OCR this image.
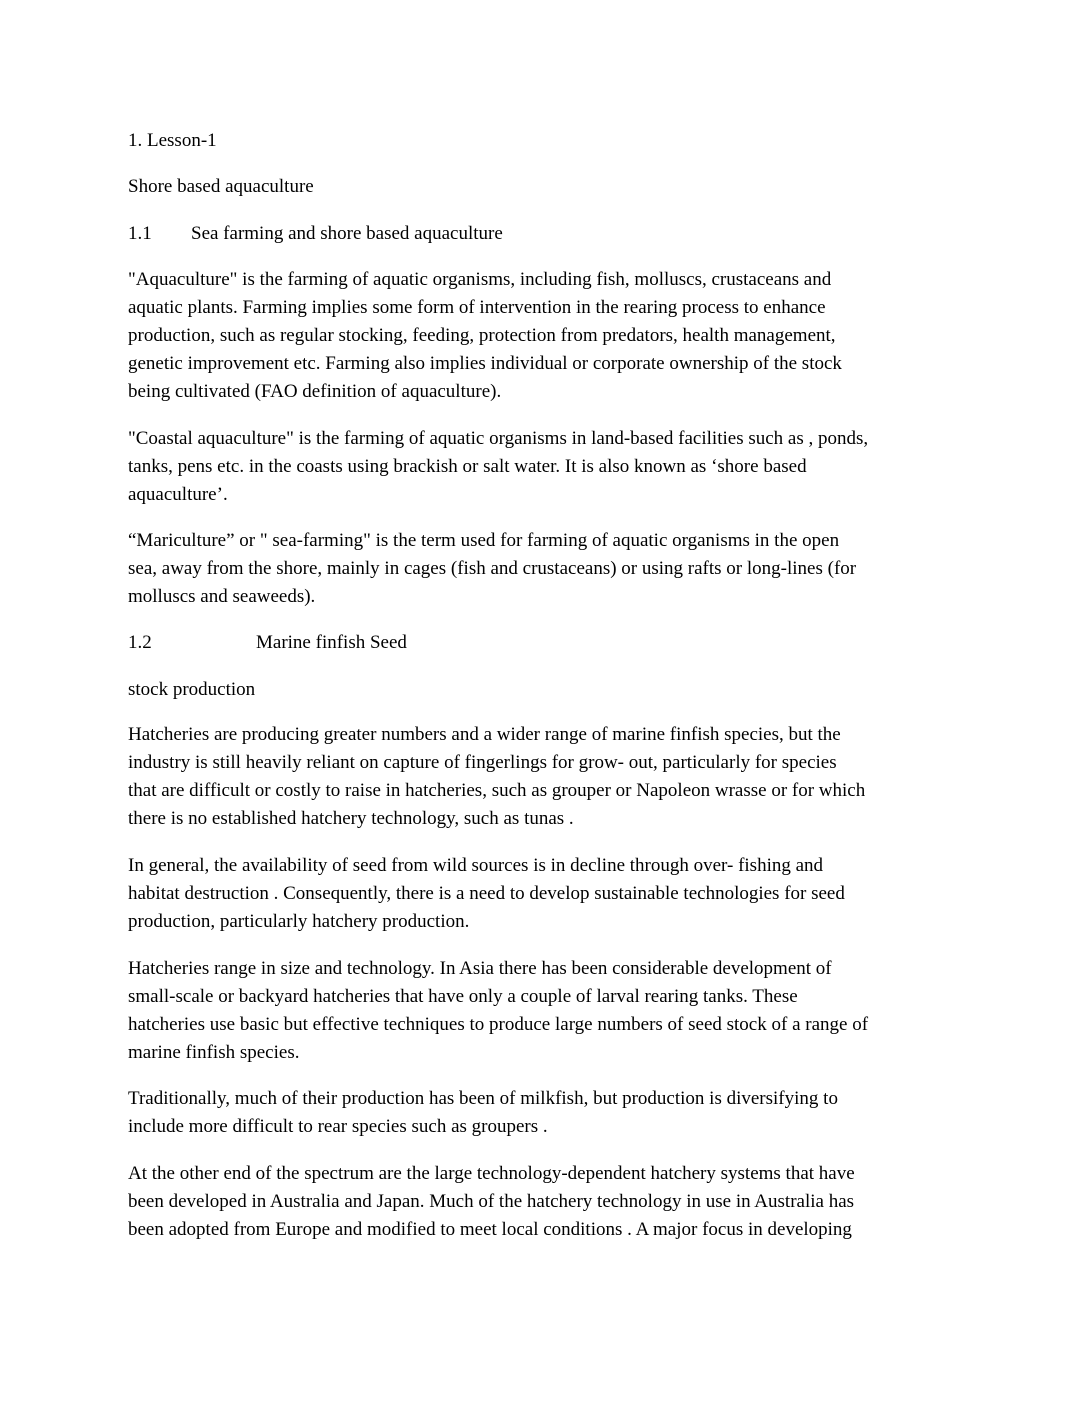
1. Lesson-1

Shore based aquaculture

1.1 Sea farming and shore based aquaculture

"Aquaculture" is the farming of aquatic organisms, including fish, molluscs, crustaceans and
aquatic plants. Farming implies some form of intervention in the rearing process to enhance
production, such as regular stocking, feeding, protection from predators, health management,
genetic improvement etc. Farming also implies individual or corporate ownership of the stock
being cultivated (FAO definition of aquaculture).
"Coastal aquaculture" is the farming of aquatic organisms in land-based facilities such as , ponds,
tanks, pens etc. in the coasts using brackish or salt water. It is also known as ‘shore based
aquaculture’.
“Mariculture” or " sea-farming" is the term used for farming of aquatic organisms in the open
sea, away from the shore, mainly in cages (fish and crustaceans) or using rafts or long-lines (for
molluscs and seaweeds).

1.2	Marine finfish Seed

stock production

Hatcheries are producing greater numbers and a wider range of marine finfish species, but the
industry is still heavily reliant on capture of fingerlings for grow- out, particularly for species
that are difficult or costly to raise in hatcheries, such as grouper or Napoleon wrasse or for which
there is no established hatchery technology, such as tunas .
In general, the availability of seed from wild sources is in decline through over- fishing and
habitat destruction . Consequently, there is a need to develop sustainable technologies for seed
production, particularly hatchery production.
Hatcheries range in size and technology. In Asia there has been considerable development of
small-scale or backyard hatcheries that have only a couple of larval rearing tanks. These
hatcheries use basic but effective techniques to produce large numbers of seed stock of a range of
marine finfish species.
Traditionally, much of their production has been of milkfish, but production is diversifying to
include more difficult to rear species such as groupers .
At the other end of the spectrum are the large technology-dependent hatchery systems that have
been developed in Australia and Japan. Much of the hatchery technology in use in Australia has
been adopted from Europe and modified to meet local conditions . A major focus in developing
